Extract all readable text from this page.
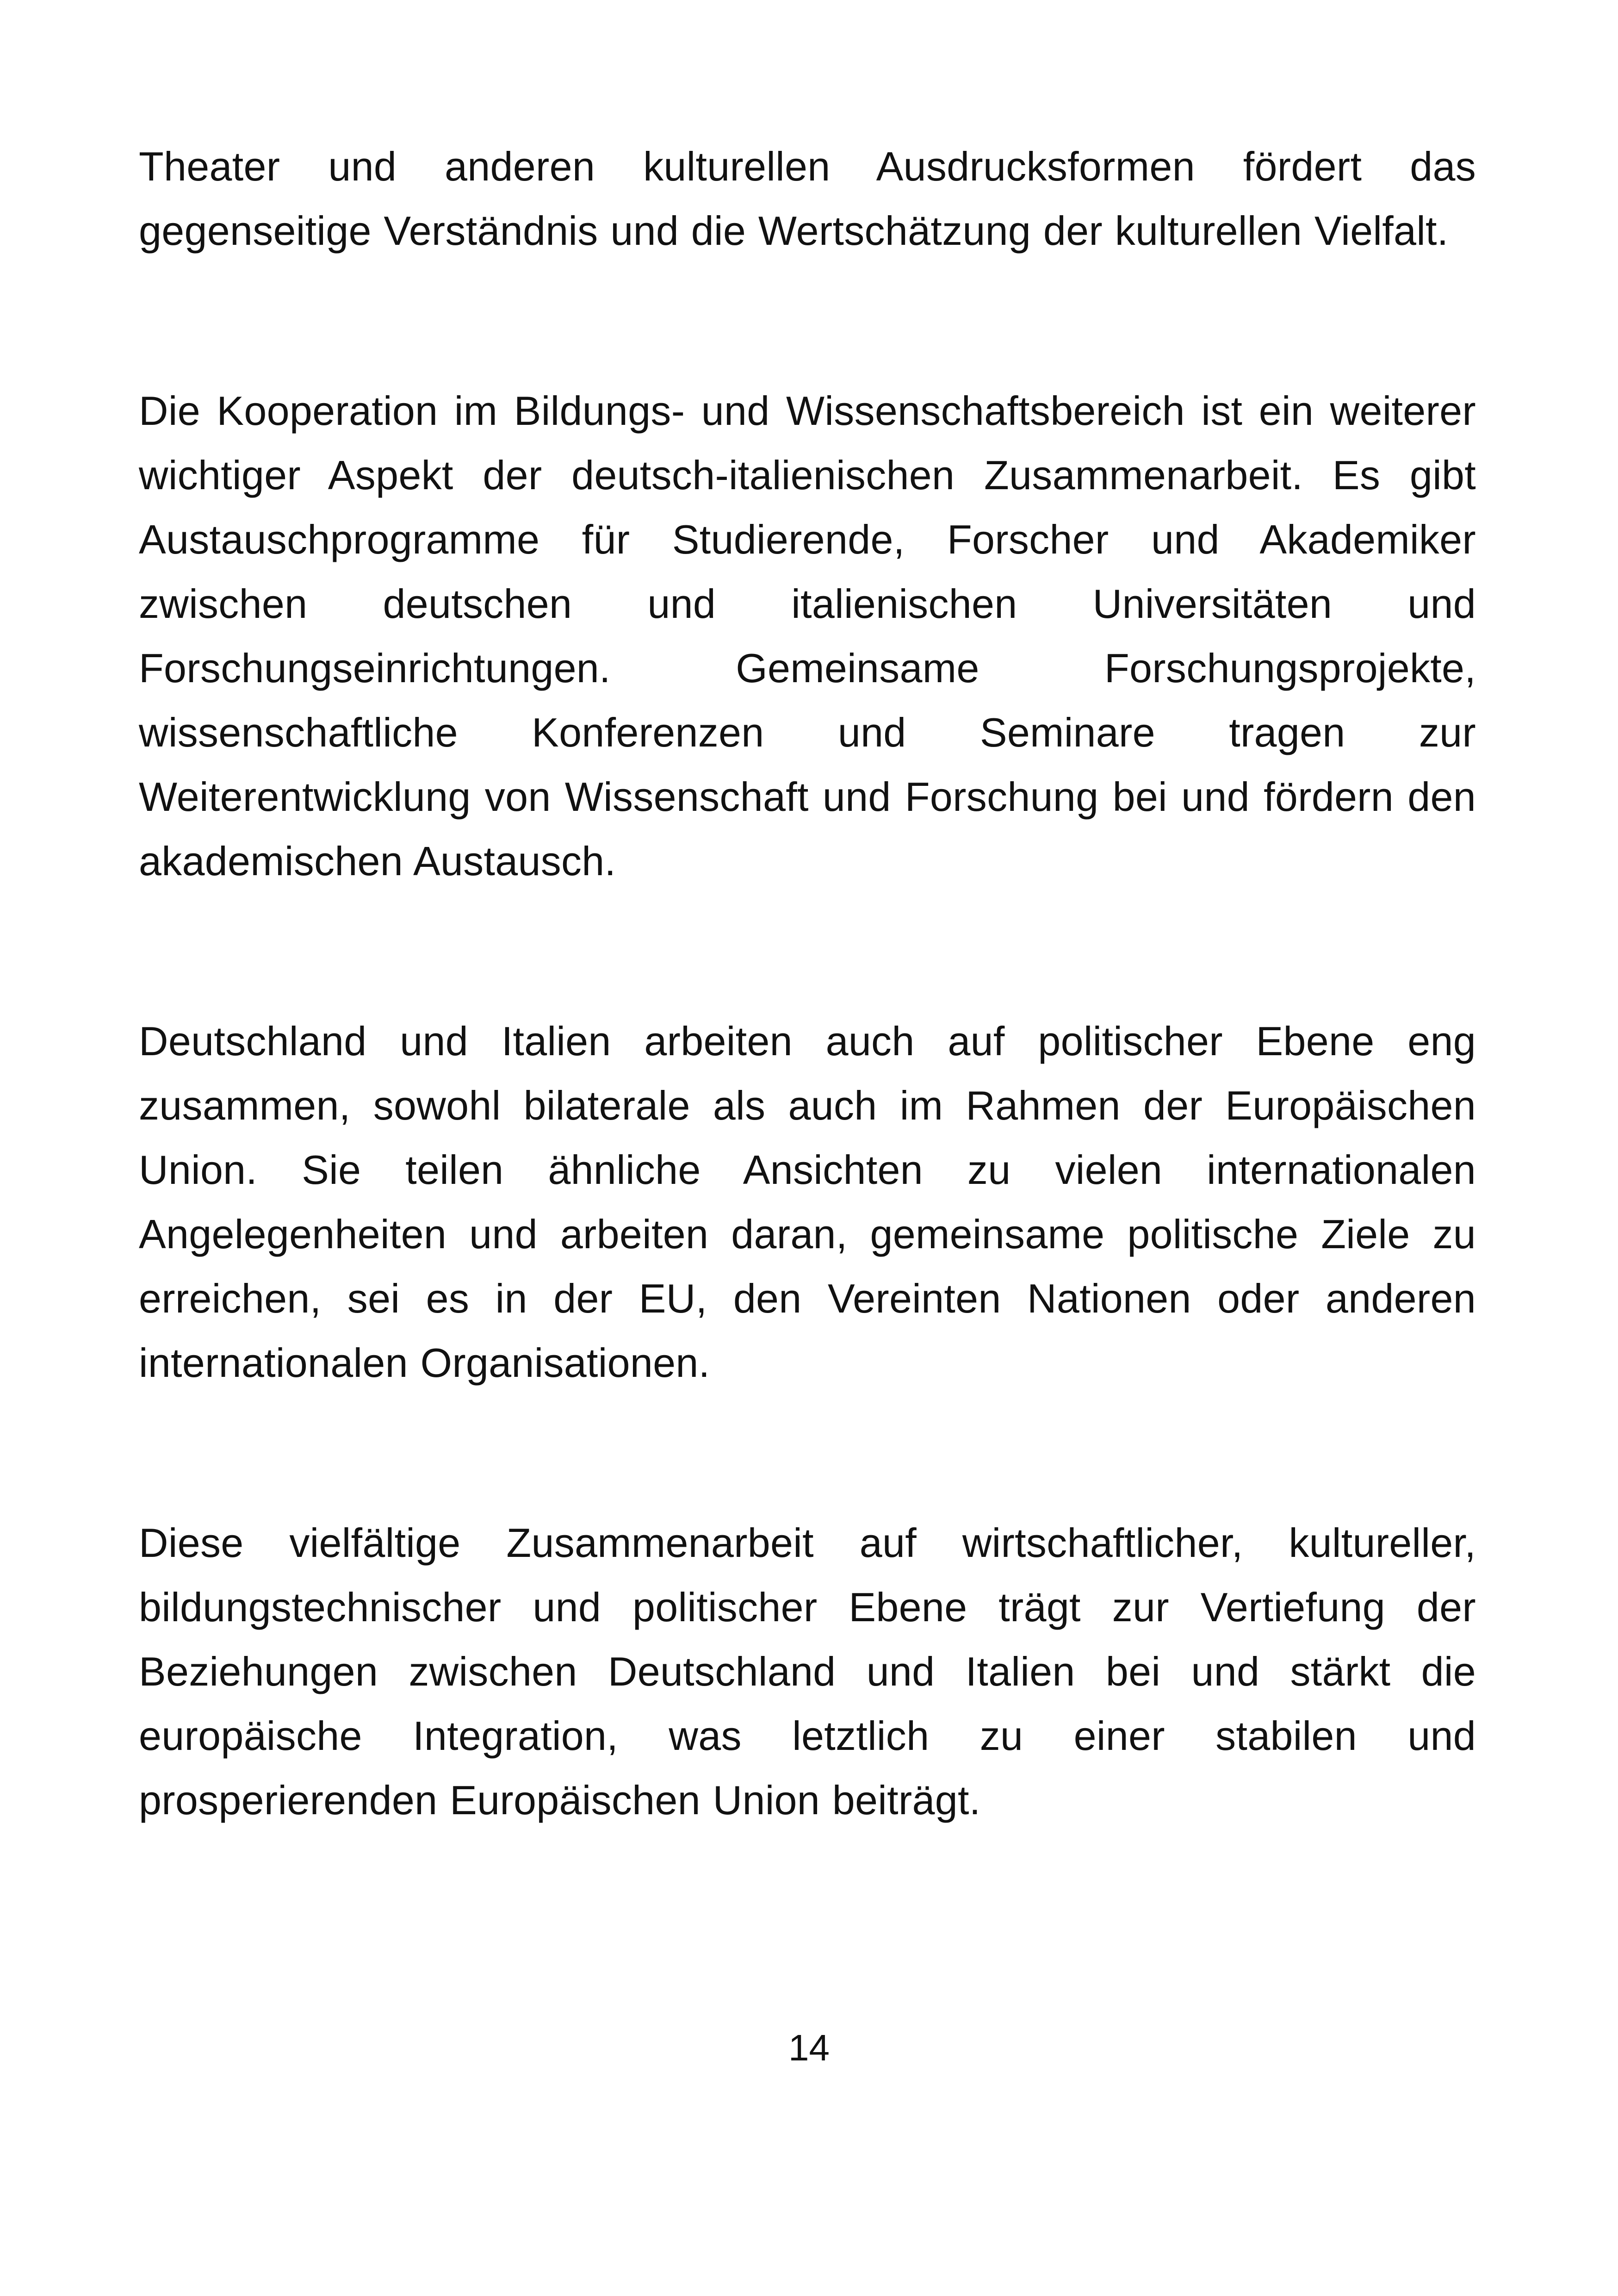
Theater und anderen kulturellen Ausdrucksformen fördert das gegenseitige Verständnis und die Wertschätzung der kulturellen Vielfalt.

Die Kooperation im Bildungs- und Wissenschaftsbereich ist ein weiterer wichtiger Aspekt der deutsch-italienischen Zusammenarbeit. Es gibt Austauschprogramme für Studierende, Forscher und Akademiker zwischen deutschen und italienischen Universitäten und Forschungseinrichtungen. Gemeinsame Forschungsprojekte, wissenschaftliche Konferenzen und Seminare tragen zur Weiterentwicklung von Wissenschaft und Forschung bei und fördern den akademischen Austausch.

Deutschland und Italien arbeiten auch auf politischer Ebene eng zusammen, sowohl bilaterale als auch im Rahmen der Europäischen Union. Sie teilen ähnliche Ansichten zu vielen internationalen Angelegenheiten und arbeiten daran, gemeinsame politische Ziele zu erreichen, sei es in der EU, den Vereinten Nationen oder anderen internationalen Organisationen.

Diese vielfältige Zusammenarbeit auf wirtschaftlicher, kultureller, bildungstechnischer und politischer Ebene trägt zur Vertiefung der Beziehungen zwischen Deutschland und Italien bei und stärkt die europäische Integration, was letztlich zu einer stabilen und prosperierenden Europäischen Union beiträgt.

14
